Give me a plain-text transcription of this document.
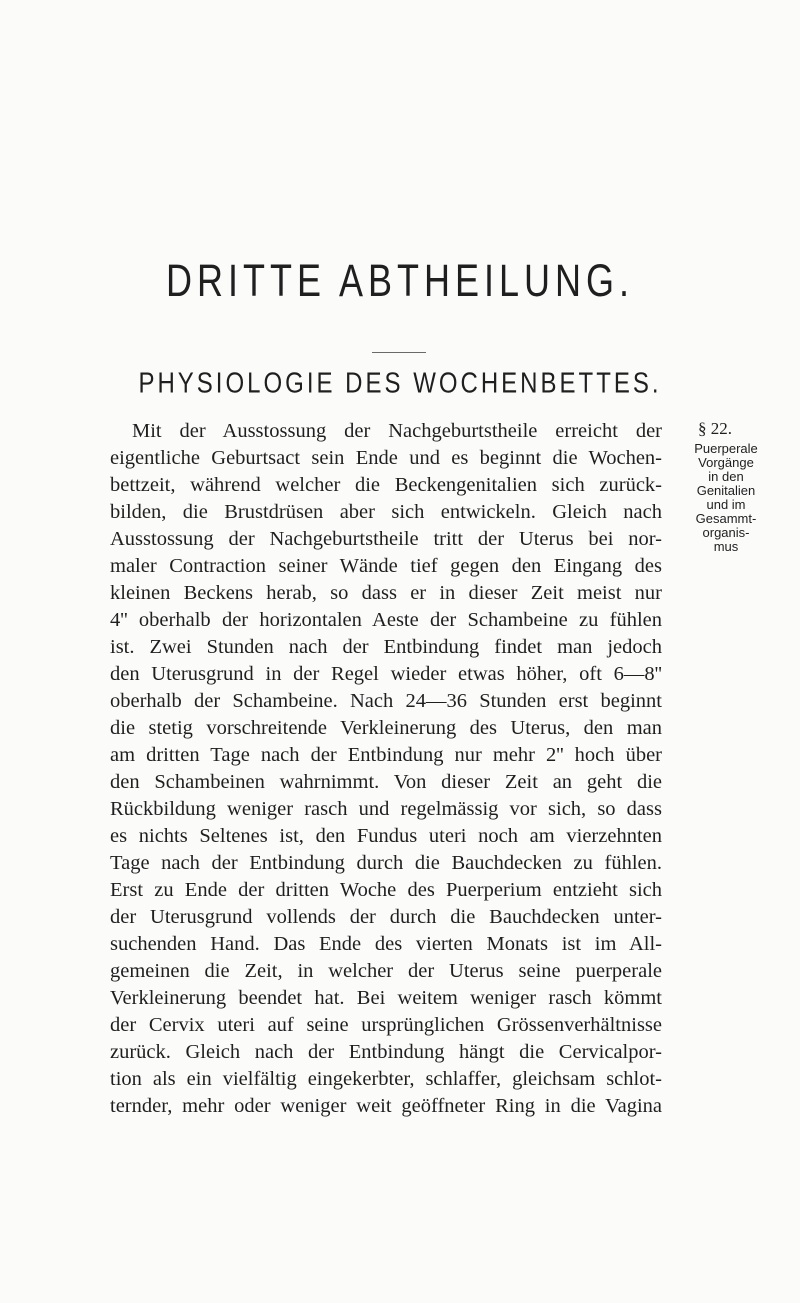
DRITTE ABTHEILUNG.
PHYSIOLOGIE DES WOCHENBETTES.
Mit der Ausstossung der Nachgeburtstheile erreicht der
eigentliche Geburtsact sein Ende und es beginnt die Wochen-
bettzeit, während welcher die Beckengenitalien sich zurück-
bilden, die Brustdrüsen aber sich entwickeln. Gleich nach
Ausstossung der Nachgeburtstheile tritt der Uterus bei nor-
maler Contraction seiner Wände tief gegen den Eingang des
kleinen Beckens herab, so dass er in dieser Zeit meist nur
4'' oberhalb der horizontalen Aeste der Schambeine zu fühlen
ist. Zwei Stunden nach der Entbindung findet man jedoch
den Uterusgrund in der Regel wieder etwas höher, oft 6—8''
oberhalb der Schambeine. Nach 24—36 Stunden erst beginnt
die stetig vorschreitende Verkleinerung des Uterus, den man
am dritten Tage nach der Entbindung nur mehr 2'' hoch über
den Schambeinen wahrnimmt. Von dieser Zeit an geht die
Rückbildung weniger rasch und regelmässig vor sich, so dass
es nichts Seltenes ist, den Fundus uteri noch am vierzehnten
Tage nach der Entbindung durch die Bauchdecken zu fühlen.
Erst zu Ende der dritten Woche des Puerperium entzieht sich
der Uterusgrund vollends der durch die Bauchdecken unter-
suchenden Hand. Das Ende des vierten Monats ist im All-
gemeinen die Zeit, in welcher der Uterus seine puerperale
Verkleinerung beendet hat. Bei weitem weniger rasch kömmt
der Cervix uteri auf seine ursprünglichen Grössenverhältnisse
zurück. Gleich nach der Entbindung hängt die Cervicalpor-
tion als ein vielfältig eingekerbter, schlaffer, gleichsam schlot-
ternder, mehr oder weniger weit geöffneter Ring in die Vagina
§ 22.
Puerperale
Vorgänge
in den
Genitalien
und im
Gesammt-
organis-
mus
